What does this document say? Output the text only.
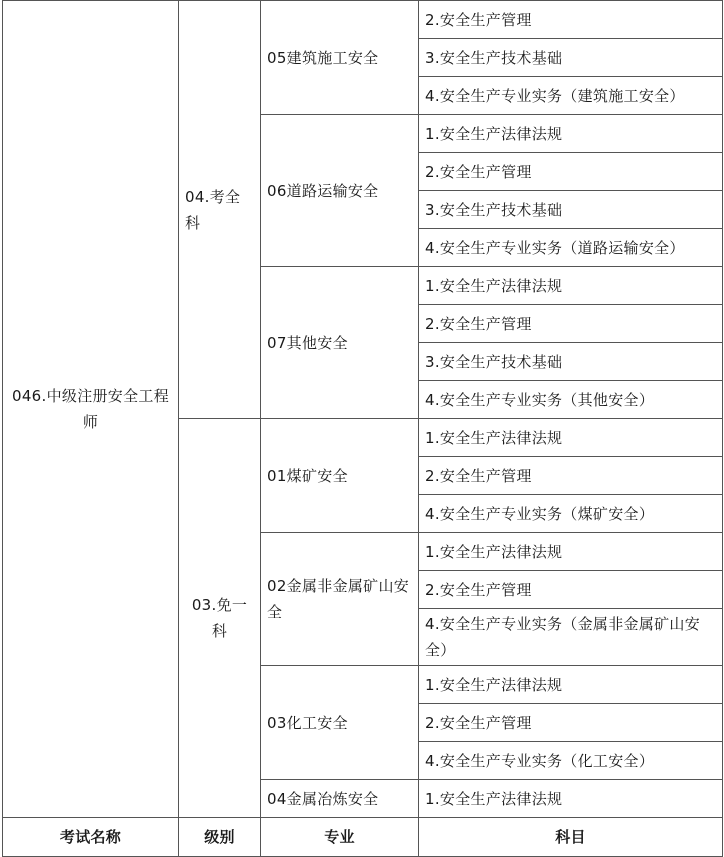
046.中级注册安全工程师	04.考全科	05建筑施工安全	2.安全生产管理
			3.安全生产技术基础
			4.安全生产专业实务（建筑施工安全）
		06道路运输安全	1.安全生产法律法规
			2.安全生产管理
			3.安全生产技术基础
			4.安全生产专业实务（道路运输安全）
		07其他安全	1.安全生产法律法规
			2.安全生产管理
			3.安全生产技术基础
			4.安全生产专业实务（其他安全）
	03.免一科	01煤矿安全	1.安全生产法律法规
			2.安全生产管理
			4.安全生产专业实务（煤矿安全）
		02金属非金属矿山安全	1.安全生产法律法规
			2.安全生产管理
			4.安全生产专业实务（金属非金属矿山安全）
		03化工安全	1.安全生产法律法规
			2.安全生产管理
			4.安全生产专业实务（化工安全）
		04金属冶炼安全	1.安全生产法律法规
考试名称	级别	专业	科目
